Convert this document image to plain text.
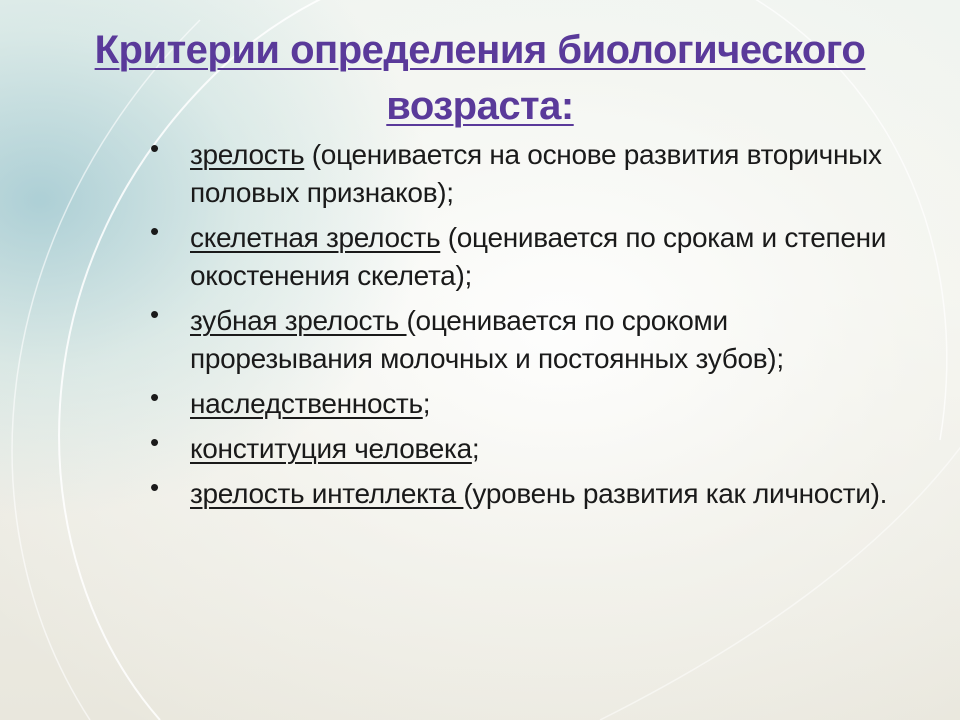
Критерии определения биологического
возраста:
• зрелость (оценивается на основе развития вторичных половых признаков);
• скелетная зрелость (оценивается по срокам и степени окостенения скелета);
• зубная зрелость (оценивается по срокоми прорезывания молочных и постоянных зубов);
• наследственность;
• конституция человека;
• зрелость интеллекта (уровень развития как личности).
